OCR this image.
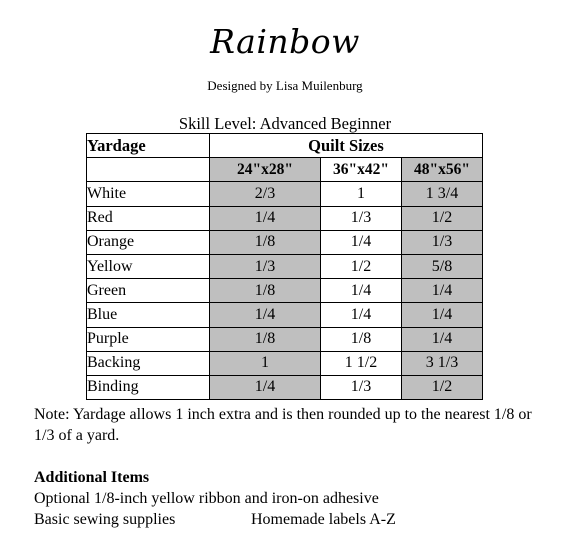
Rainbow
Designed by Lisa Muilenburg
Skill Level: Advanced Beginner
Yardage	Quilt Sizes		
	24"x28"	36"x42"	48"x56"
White	2/3	1	1 3/4
Red	1/4	1/3	1/2
Orange	1/8	1/4	1/3
Yellow	1/3	1/2	5/8
Green	1/8	1/4	1/4
Blue	1/4	1/4	1/4
Purple	1/8	1/8	1/4
Backing	1	1 1/2	3 1/3
Binding	1/4	1/3	1/2
Note: Yardage allows 1 inch extra and is then rounded up to the nearest 1/8 or 1/3 of a yard.
Additional Items
Optional 1/8-inch yellow ribbon and iron-on adhesive
Basic sewing supplies	Homemade labels A-Z
